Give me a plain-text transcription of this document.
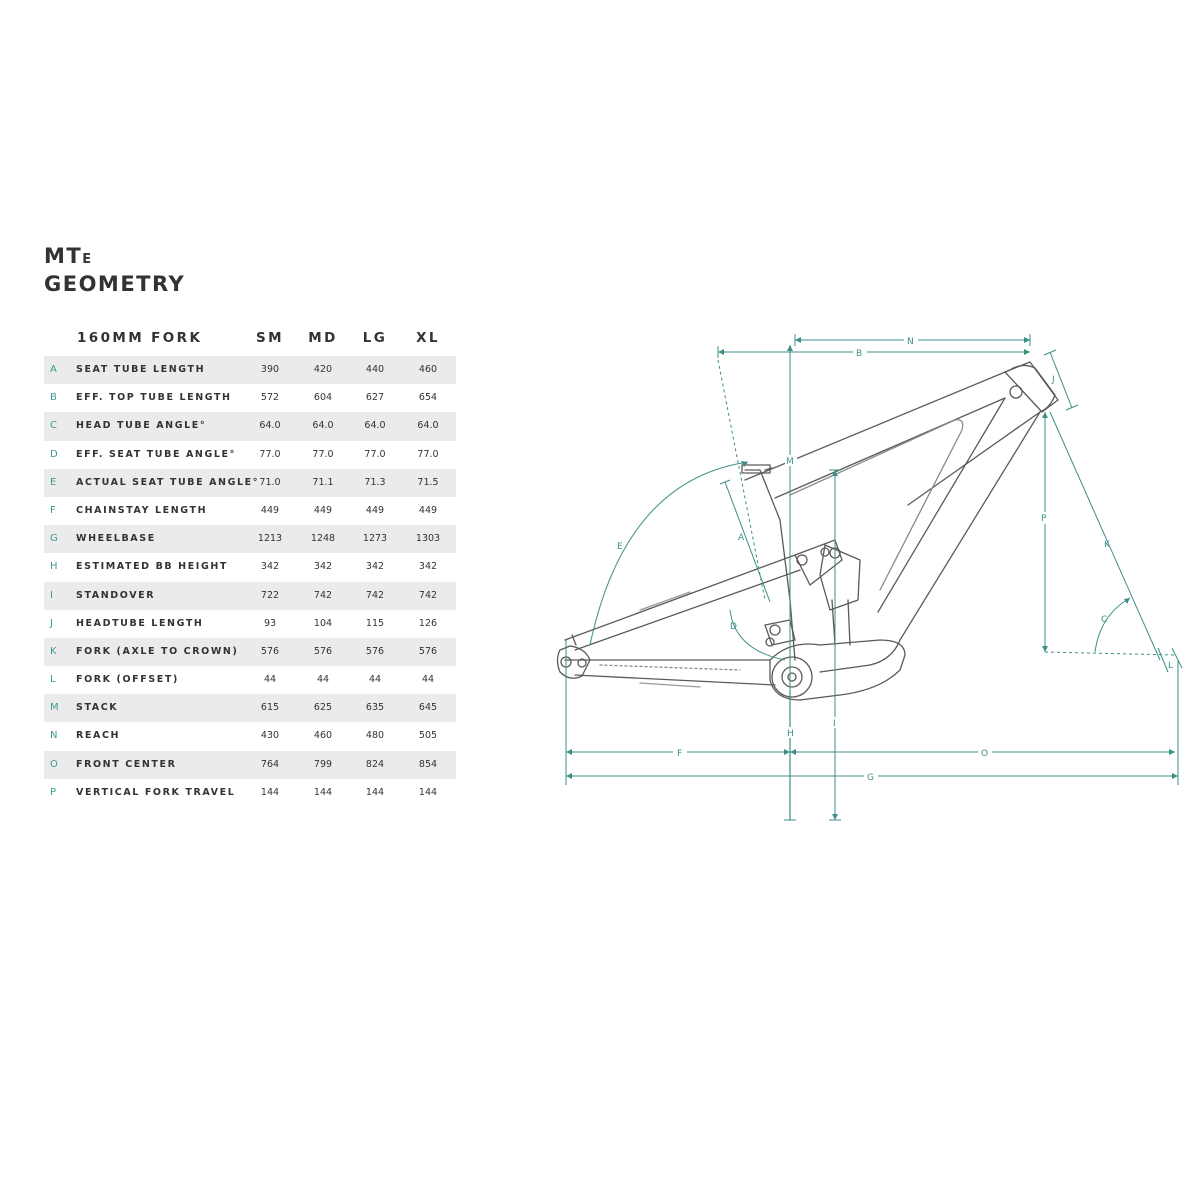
MTE
GEOMETRY
160MM FORK	SM	MD	LG	XL
A SEAT TUBE LENGTH	390	420	440	460
B EFF. TOP TUBE LENGTH	572	604	627	654
C HEAD TUBE ANGLE°	64.0	64.0	64.0	64.0
D EFF. SEAT TUBE ANGLE°	77.0	77.0	77.0	77.0
E ACTUAL SEAT TUBE ANGLE° 71.0	71.1	71.3	71.5
F CHAINSTAY LENGTH	449	449	449	449
G WHEELBASE	1213	1248	1273	1303
H ESTIMATED BB HEIGHT	342	342	342	342
I STANDOVER	722	742	742	742
J HEADTUBE LENGTH	93	104	115	126
K FORK (AXLE TO CROWN)	576	576	576	576
L FORK (OFFSET)	44	44	44	44
M STACK	615	625	635	645
N REACH	430	460	480	505
O FRONT CENTER	764	799	824	854
P VERTICAL FORK TRAVEL	144	144	144	144
N
B
M
A
E
D
I
H
F	O
G
P
K
C
J
L
